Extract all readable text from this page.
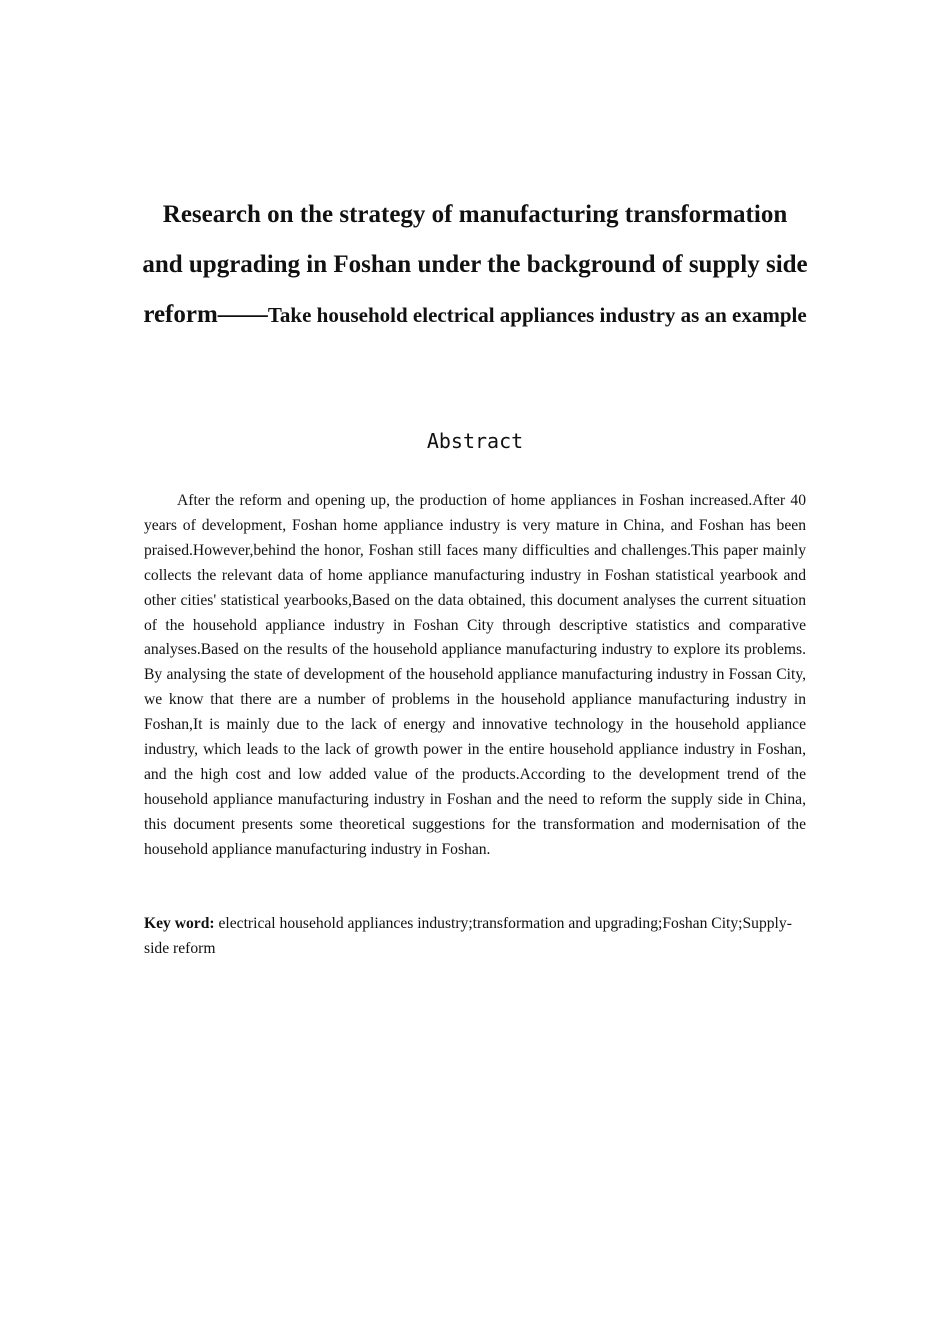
Research on the strategy of manufacturing transformation and upgrading in Foshan under the background of supply side reform——Take household electrical appliances industry as an example
Abstract

After the reform and opening up, the production of home appliances in Foshan increased.After 40 years of development, Foshan home appliance industry is very mature in China, and Foshan has been praised.However,behind the honor, Foshan still faces many difficulties and challenges.This paper mainly collects the relevant data of home appliance manufacturing industry in Foshan statistical yearbook and other cities' statistical yearbooks,Based on the data obtained, this document analyses the current situation of the household appliance industry in Foshan City through descriptive statistics and comparative analyses.Based on the results of the household appliance manufacturing industry to explore its problems. By analysing the state of development of the household appliance manufacturing industry in Fossan City, we know that there are a number of problems in the household appliance manufacturing industry in Foshan,It is mainly due to the lack of energy and innovative technology in the household appliance industry, which leads to the lack of growth power in the entire household appliance industry in Foshan, and the high cost and low added value of the products.According to the development trend of the household appliance manufacturing industry in Foshan and the need to reform the supply side in China, this document presents some theoretical suggestions for the transformation and modernisation of the household appliance manufacturing industry in Foshan.

Key word: electrical household appliances industry;transformation and upgrading;Foshan City;Supply-side reform
